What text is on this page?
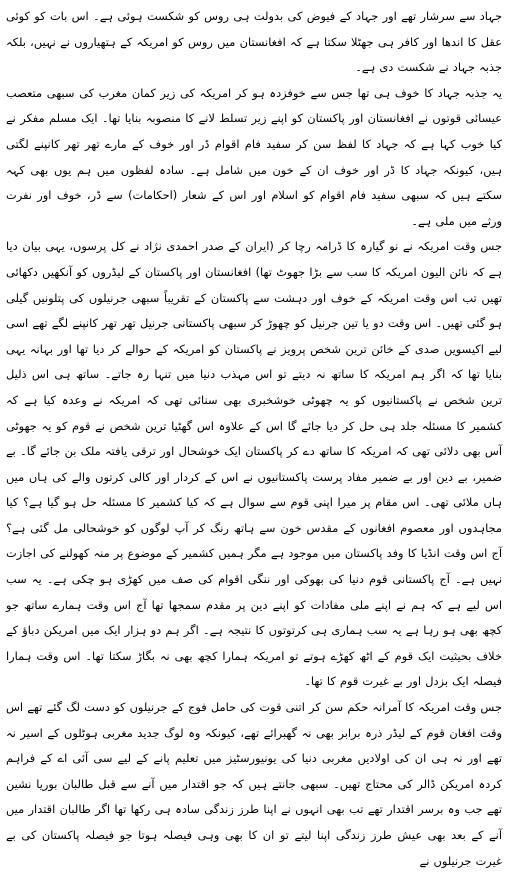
جہاد سے سرشار تھے اور جہاد کے فیوض کی بدولت ہی روس کو شکست ہوئی ہے۔ اس بات کو کوئی عقل کا اندھا اور کافر ہی جھٹلا سکتا ہے کہ افغانستان میں روس کو امریکہ کے ہتھیاروں نے نہیں، بلکہ جذبہ جہاد نے شکست دی ہے۔

یہ جذبہ جہاد کا خوف ہی تھا جس سے خوفزدہ ہو کر امریکہ کی زیر کمان مغرب کی سبھی متعصب عیسائی قوتوں نے افغانستان اور پاکستان کو اپنے زیر تسلط لانے کا منصوبہ بنایا تھا۔ ایک مسلم مفکر نے کیا خوب کہا ہے کہ جہاد کا لفظ سن کر سفید فام اقوام ڈر اور خوف کے مارے تھر تھر کانپنے لگتی ہیں، کیونکہ جہاد کا ڈر اور خوف ان کے خون میں شامل ہے۔ سادہ لفظوں میں ہم یوں بھی کہہ سکتے ہیں کہ سبھی سفید فام اقوام کو اسلام اور اس کے شعار (احکامات) سے ڈر، خوف اور نفرت ورثے میں ملی ہے۔

جس وقت امریکہ نے نو گیارہ کا ڈرامہ رچا کر (ایران کے صدر احمدی نژاد نے کل پرسوں، یہی بیان دیا ہے کہ نائن الیون امریکہ کا سب سے بڑا جھوٹ تھا) افغانستان اور پاکستان کے لیڈروں کو آنکھیں دکھائی تھیں تب اس وقت امریکہ کے خوف اور دہشت سے پاکستان کے تقریباً سبھی جرنیلوں کی پتلونیں گیلی ہو گئی تھیں۔ اس وقت دو یا تین جرنیل کو چھوڑ کر سبھی پاکستانی جرنیل تھر تھر کانپنے لگے تھے اسی لیے اکیسویں صدی کے خائن ترین شخص پرویز نے پاکستان کو امریکہ کے حوالے کر دیا تھا اور بہانہ یہی بنایا تھا کہ اگر ہم امریکہ کا ساتھ نہ دیتے تو اس مہذب دنیا میں تنہا رہ جاتے۔ ساتھ ہی اس ذلیل ترین شخص نے پاکستانیوں کو یہ چھوٹی خوشخبری بھی سنائی تھی کہ امریکہ نے وعدہ کیا ہے کہ کشمیر کا مسئلہ جلد ہی حل کر دیا جائے گا اس کے علاوہ اس گھٹیا ترین شخص نے قوم کو یہ جھوٹی آس بھی دلائی تھی کہ امریکہ کا ساتھ دے کر پاکستان ایک خوشحال اور ترقی یافتہ ملک بن جائے گا۔ بے ضمیر، بے دین اور بے ضمیر مفاد پرست پاکستانیوں نے اس کے کردار اور کالی کرتوں والے کی ہاں میں ہاں ملائی تھی۔ اس مقام پر میرا اپنی قوم سے سوال ہے کہ کیا کشمیر کا مسئلہ حل ہو گیا ہے؟ کیا مجاہدوں اور معصوم افغانوں کے مقدس خون سے ہاتھ رنگ کر آپ لوگوں کو خوشحالی مل گئی ہے؟ آج اس وقت انڈیا کا وفد پاکستان میں موجود ہے مگر ہمیں کشمیر کے موضوع پر منہ کھولنے کی اجازت نہیں ہے۔ آج پاکستانی قوم دنیا کی بھوکی اور ننگی اقوام کی صف میں کھڑی ہو چکی ہے۔ یہ سب اس لیے ہے کہ ہم نے اپنے ملی مفادات کو اپنے دین پر مقدم سمجھا تھا آج اس وقت ہمارے ساتھ جو کچھ بھی ہو رہا ہے یہ سب ہماری ہی کرتوتوں کا نتیجہ ہے۔ اگر ہم دو ہزار ایک میں امریکن دباؤ کے خلاف بحیثیت ایک قوم کے اٹھ کھڑے ہوتے تو امریکہ ہمارا کچھ بھی نہ بگاڑ سکتا تھا۔ اس وقت ہمارا فیصلہ ایک بزدل اور بے غیرت قوم کا تھا۔

جس وقت امریکہ کا آمرانہ حکم سن کر اتنی قوت کی حامل فوج کے جرنیلوں کو دست لگ گئے تھے اس وقت افغان قوم کے لیڈر ذرہ برابر بھی نہ گھبرائے تھے، کیونکہ وہ لوگ جدید مغربی ہوٹلوں کے اسیر نہ تھے اور نہ ہی ان کی اولادیں مغربی دنیا کی یونیورسٹیز میں تعلیم پانے کے لیے سی آئی اے کے فراہم کردہ امریکن ڈالر کی محتاج تھیں۔ سبھی جانتے ہیں کہ جو اقتدار میں آنے سے قبل طالبان بوریا نشین تھے جب وہ برسر اقتدار تھے تب بھی انہوں نے اپنا طرز زندگی سادہ ہی رکھا تھا اگر طالبان اقتدار میں آنے کے بعد بھی عیش طرز زندگی اپنا لیتے تو ان کا بھی وہی فیصلہ ہوتا جو فیصلہ پاکستان کی بے غیرت جرنیلوں نے
